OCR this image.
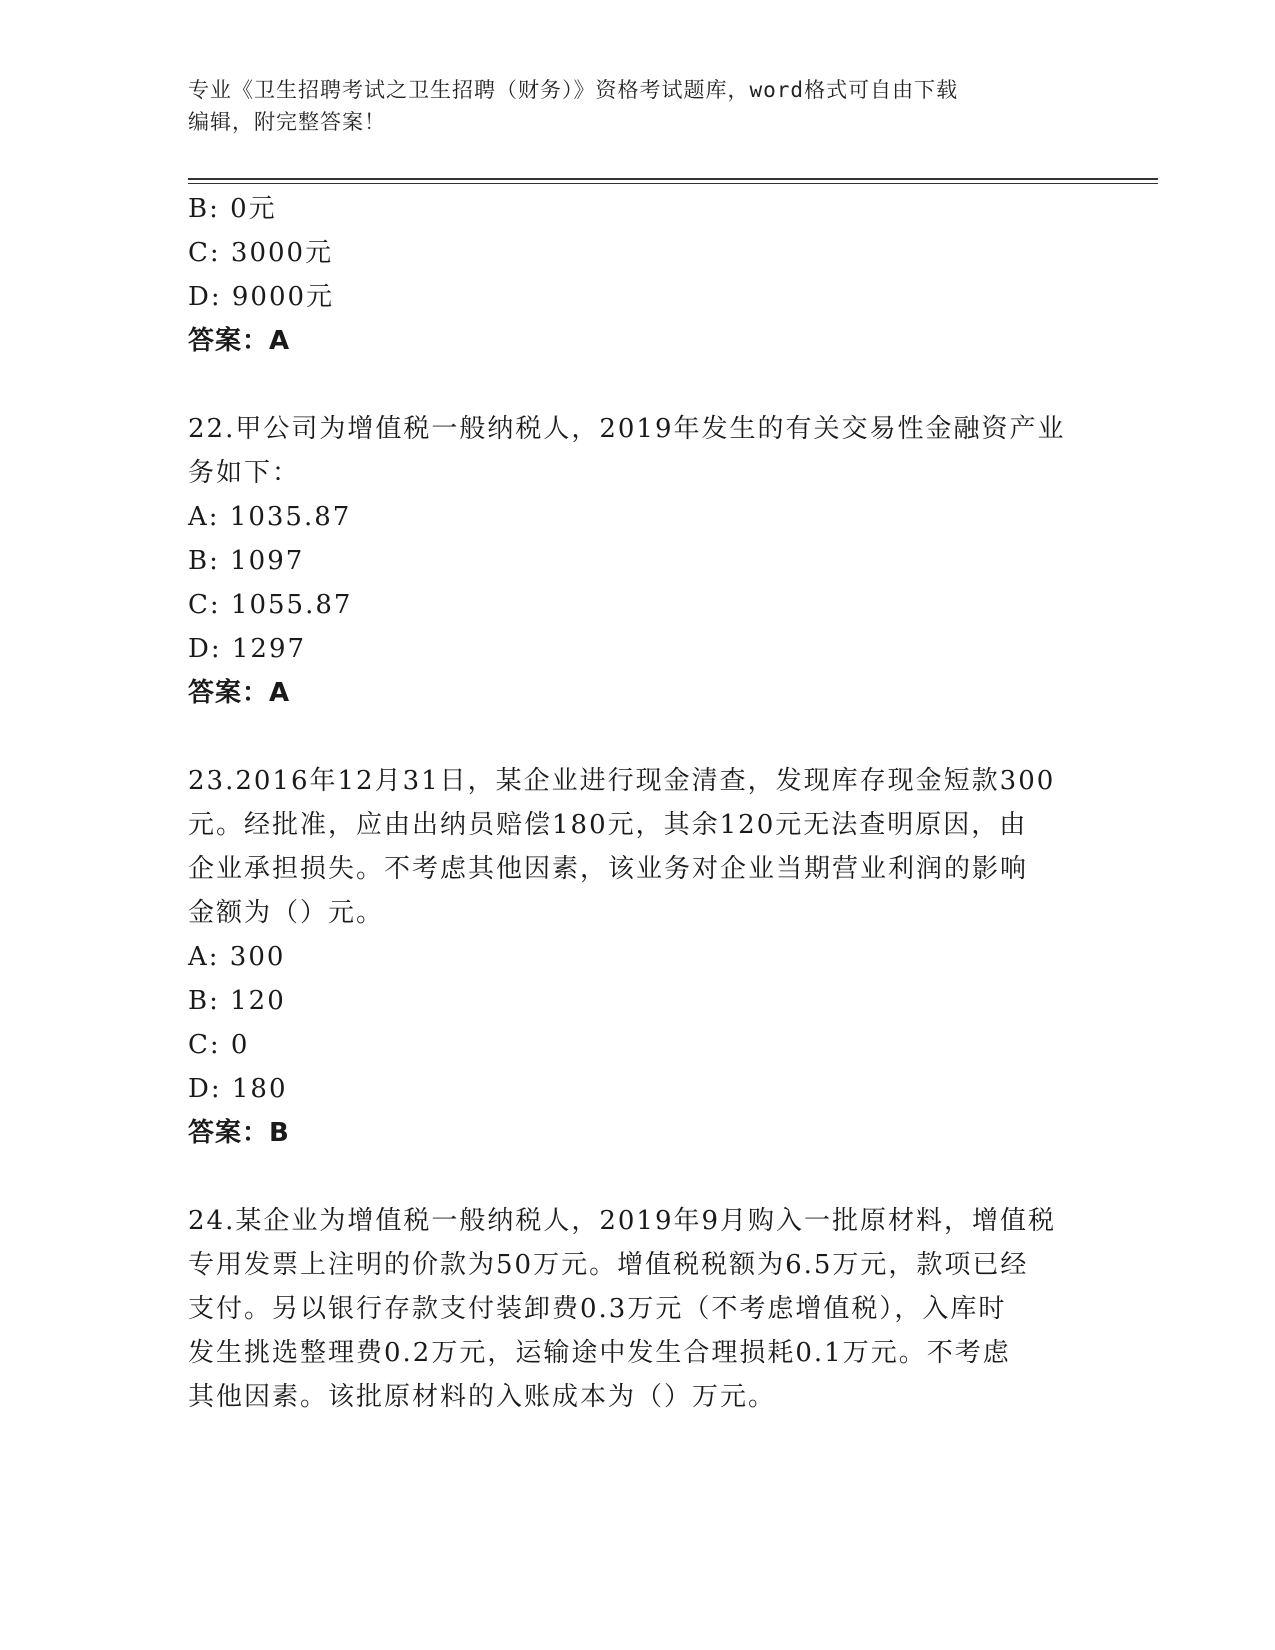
专业《卫生招聘考试之卫生招聘（财务）》资格考试题库，word格式可自由下载
编辑，附完整答案！
B: 0元
C: 3000元
D: 9000元
答案：A
22.甲公司为增值税一般纳税人，2019年发生的有关交易性金融资产业
务如下：
A: 1035.87
B: 1097
C: 1055.87
D: 1297
答案：A
23.2016年12月31日，某企业进行现金清查，发现库存现金短款300
元。经批准，应由出纳员赔偿180元，其余120元无法查明原因，由
企业承担损失。不考虑其他因素，该业务对企业当期营业利润的影响
金额为（）元。
A: 300
B: 120
C: 0
D: 180
答案：B
24.某企业为增值税一般纳税人，2019年9月购入一批原材料，增值税
专用发票上注明的价款为50万元。增值税税额为6.5万元，款项已经
支付。另以银行存款支付装卸费0.3万元（不考虑增值税），入库时
发生挑选整理费0.2万元，运输途中发生合理损耗0.1万元。不考虑
其他因素。该批原材料的入账成本为（）万元。
